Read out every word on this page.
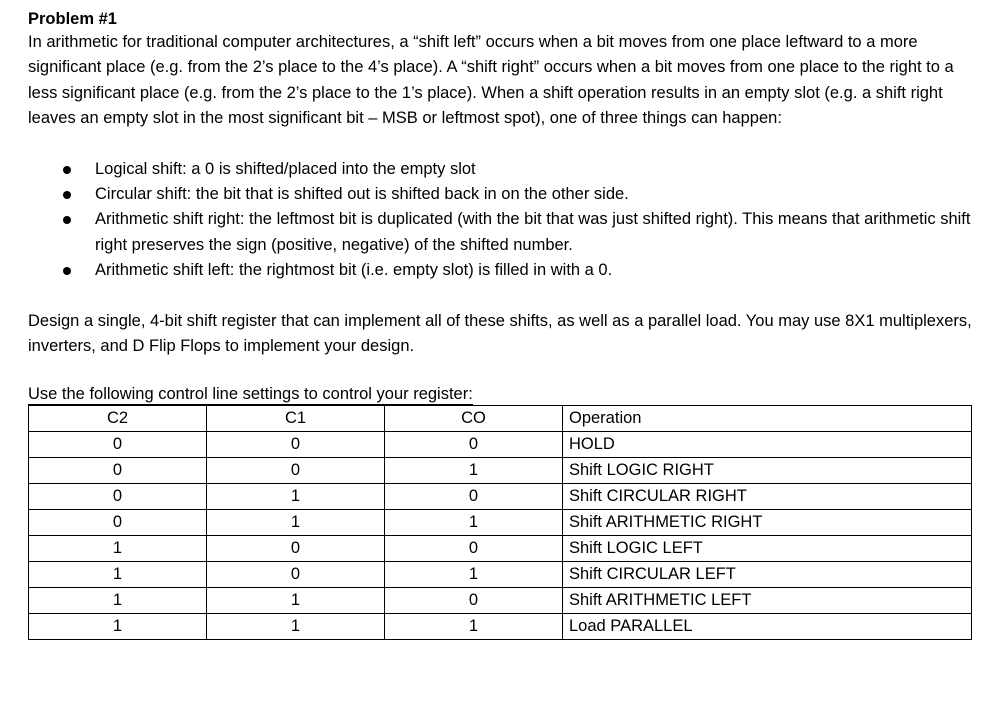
Problem #1

In arithmetic for traditional computer architectures, a “shift left” occurs when a bit moves from one place leftward to a more significant place (e.g. from the 2’s place to the 4’s place). A “shift right” occurs when a bit moves from one place to the right to a less significant place (e.g. from the 2’s place to the 1’s place). When a shift operation results in an empty slot (e.g. a shift right leaves an empty slot in the most significant bit – MSB or leftmost spot), one of three things can happen:

Logical shift: a 0 is shifted/placed into the empty slot
Circular shift: the bit that is shifted out is shifted back in on the other side.
Arithmetic shift right: the leftmost bit is duplicated (with the bit that was just shifted right). This means that arithmetic shift right preserves the sign (positive, negative) of the shifted number.
Arithmetic shift left: the rightmost bit (i.e. empty slot) is filled in with a 0.

Design a single, 4-bit shift register that can implement all of these shifts, as well as a parallel load. You may use 8X1 multiplexers, inverters, and D Flip Flops to implement your design.

Use the following control line settings to control your register:
C2	C1	CO	Operation
0	0	0	HOLD
0	0	1	Shift LOGIC RIGHT
0	1	0	Shift CIRCULAR RIGHT
0	1	1	Shift ARITHMETIC RIGHT
1	0	0	Shift LOGIC LEFT
1	0	1	Shift CIRCULAR LEFT
1	1	0	Shift ARITHMETIC LEFT
1	1	1	Load PARALLEL
